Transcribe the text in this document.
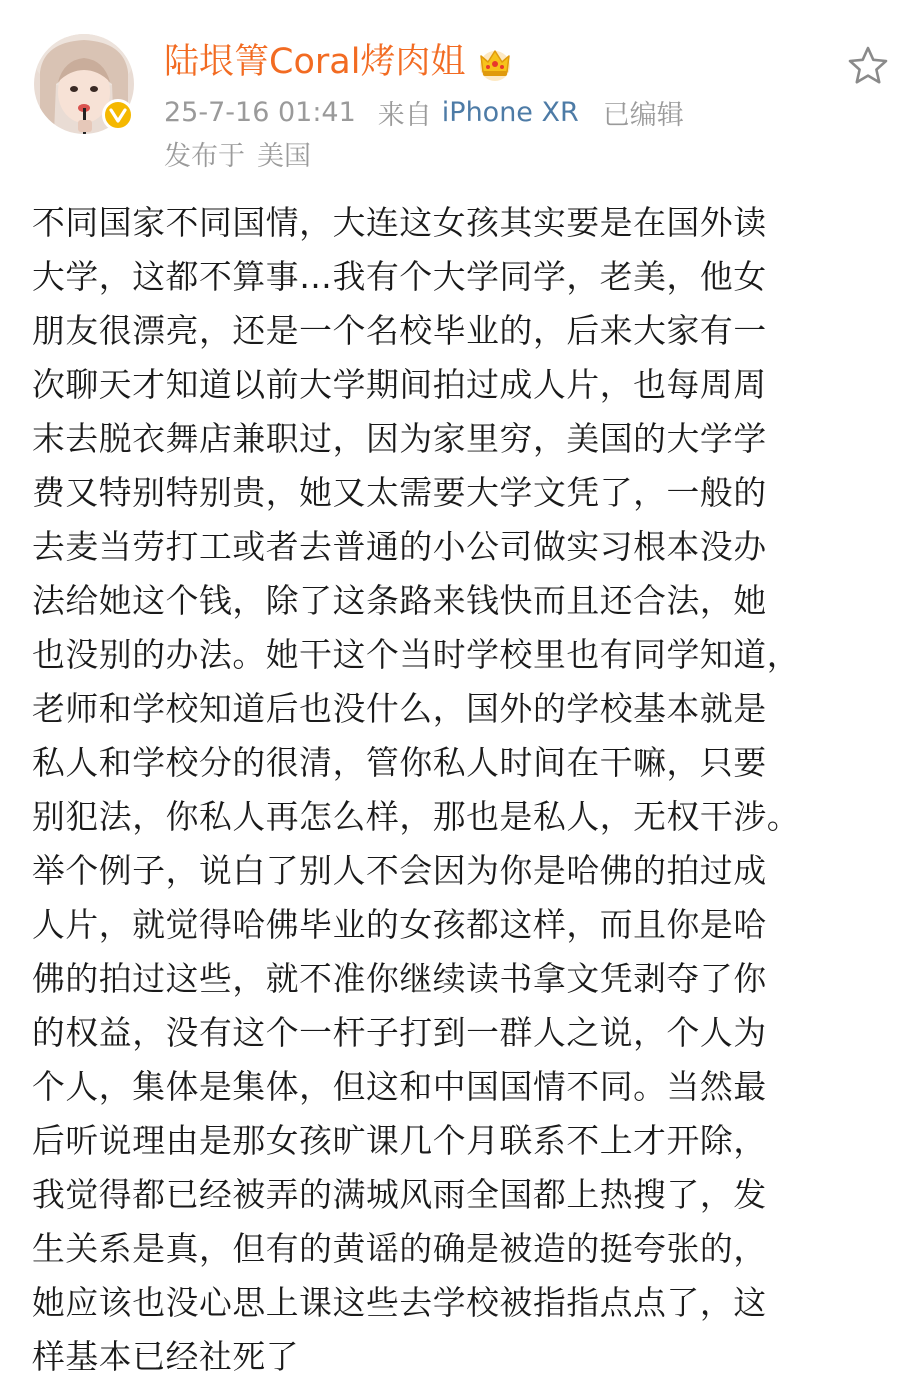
陆垠箐Coral烤肉姐
25-7-16 01:41 来自 iPhone XR 已编辑
发布于 美国
不同国家不同国情，大连这女孩其实要是在国外读
大学，这都不算事…我有个大学同学，老美，他女
朋友很漂亮，还是一个名校毕业的，后来大家有一
次聊天才知道以前大学期间拍过成人片，也每周周
末去脱衣舞店兼职过，因为家里穷，美国的大学学
费又特别特别贵，她又太需要大学文凭了，一般的
去麦当劳打工或者去普通的小公司做实习根本没办
法给她这个钱，除了这条路来钱快而且还合法，她
也没别的办法。她干这个当时学校里也有同学知道，
老师和学校知道后也没什么，国外的学校基本就是
私人和学校分的很清，管你私人时间在干嘛，只要
别犯法，你私人再怎么样，那也是私人，无权干涉。
举个例子，说白了别人不会因为你是哈佛的拍过成
人片，就觉得哈佛毕业的女孩都这样，而且你是哈
佛的拍过这些，就不准你继续读书拿文凭剥夺了你
的权益，没有这个一杆子打到一群人之说，个人为
个人，集体是集体，但这和中国国情不同。当然最
后听说理由是那女孩旷课几个月联系不上才开除，
我觉得都已经被弄的满城风雨全国都上热搜了，发
生关系是真，但有的黄谣的确是被造的挺夸张的，
她应该也没心思上课这些去学校被指指点点了，这
样基本已经社死了
